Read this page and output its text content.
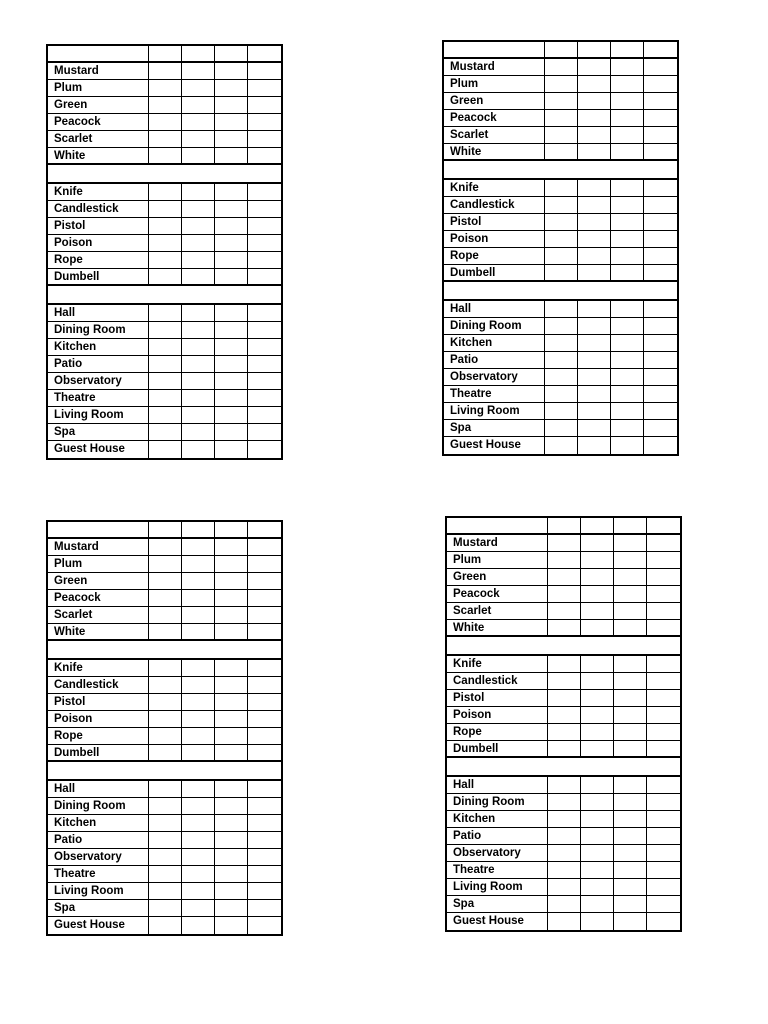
Mustard
Plum
Green
Peacock
Scarlet
White
Knife
Candlestick
Pistol
Poison
Rope
Dumbell
Hall
Dining Room
Kitchen
Patio
Observatory
Theatre
Living Room
Spa
Guest House
Mustard
Plum
Green
Peacock
Scarlet
White
Knife
Candlestick
Pistol
Poison
Rope
Dumbell
Hall
Dining Room
Kitchen
Patio
Observatory
Theatre
Living Room
Spa
Guest House
Mustard
Plum
Green
Peacock
Scarlet
White
Knife
Candlestick
Pistol
Poison
Rope
Dumbell
Hall
Dining Room
Kitchen
Patio
Observatory
Theatre
Living Room
Spa
Guest House
Mustard
Plum
Green
Peacock
Scarlet
White
Knife
Candlestick
Pistol
Poison
Rope
Dumbell
Hall
Dining Room
Kitchen
Patio
Observatory
Theatre
Living Room
Spa
Guest House
